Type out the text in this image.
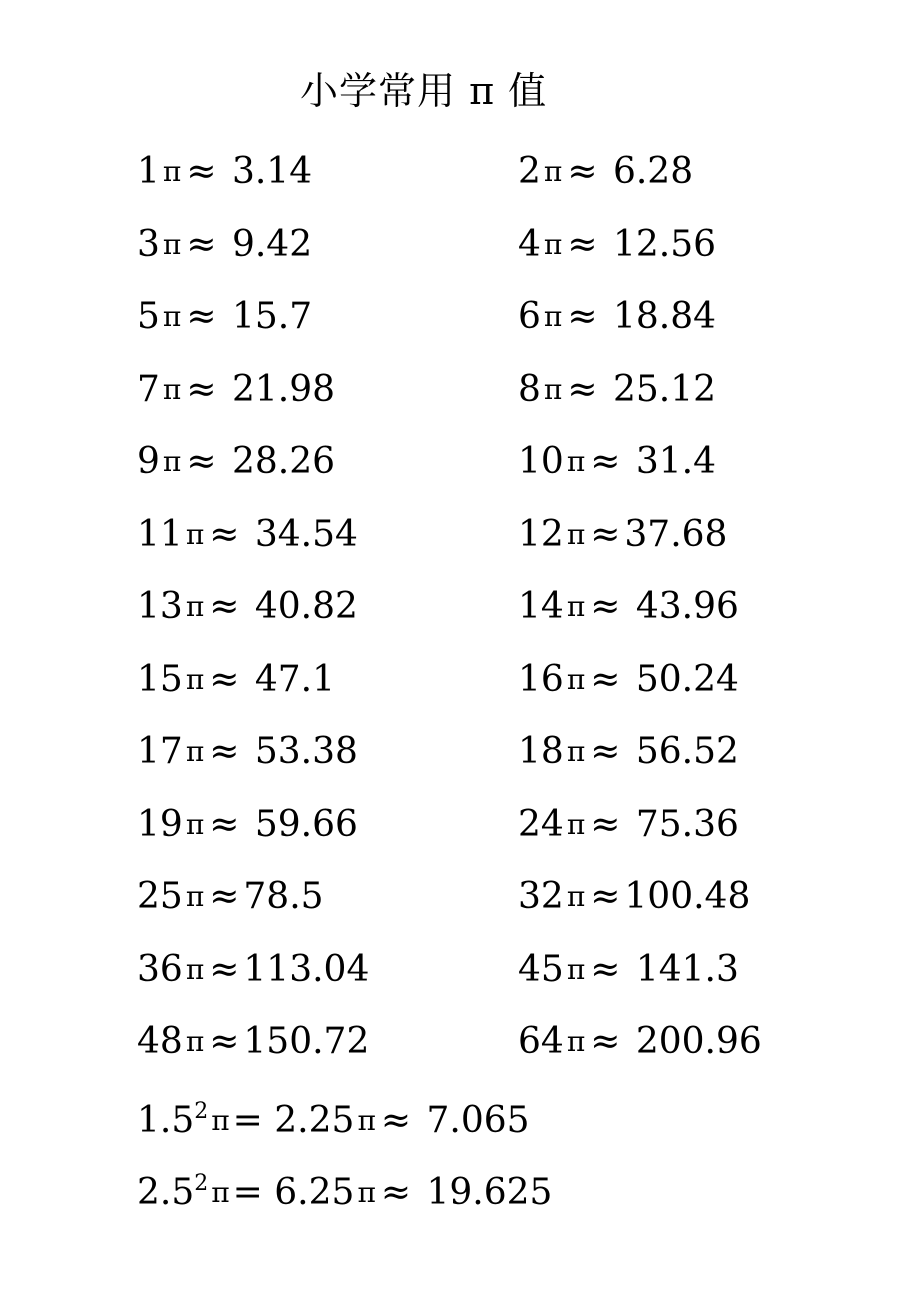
小学常用 π 值
1 π ≈ 3.14	2 π ≈ 6.28
3 π ≈ 9.42	4 π ≈ 12.56
5 π ≈ 15.7	6 π ≈ 18.84
7 π ≈ 21.98	8 π ≈ 25.12
9 π ≈ 28.26	10 π ≈ 31.4
11 π ≈ 34.54	12 π ≈ 37.68
13 π ≈ 40.82	14 π ≈ 43.96
15 π ≈ 47.1	16 π ≈ 50.24
17 π ≈ 53.38	18 π ≈ 56.52
19 π ≈ 59.66	24 π ≈ 75.36
25 π ≈ 78.5	32 π ≈ 100.48
36 π ≈ 113.04	45 π ≈ 141.3
48 π ≈ 150.72	64 π ≈ 200.96
$1.5^2$ π= 2.25 π ≈ 7.065
$2.5^2$ π= 6.25 π ≈ 19.625
